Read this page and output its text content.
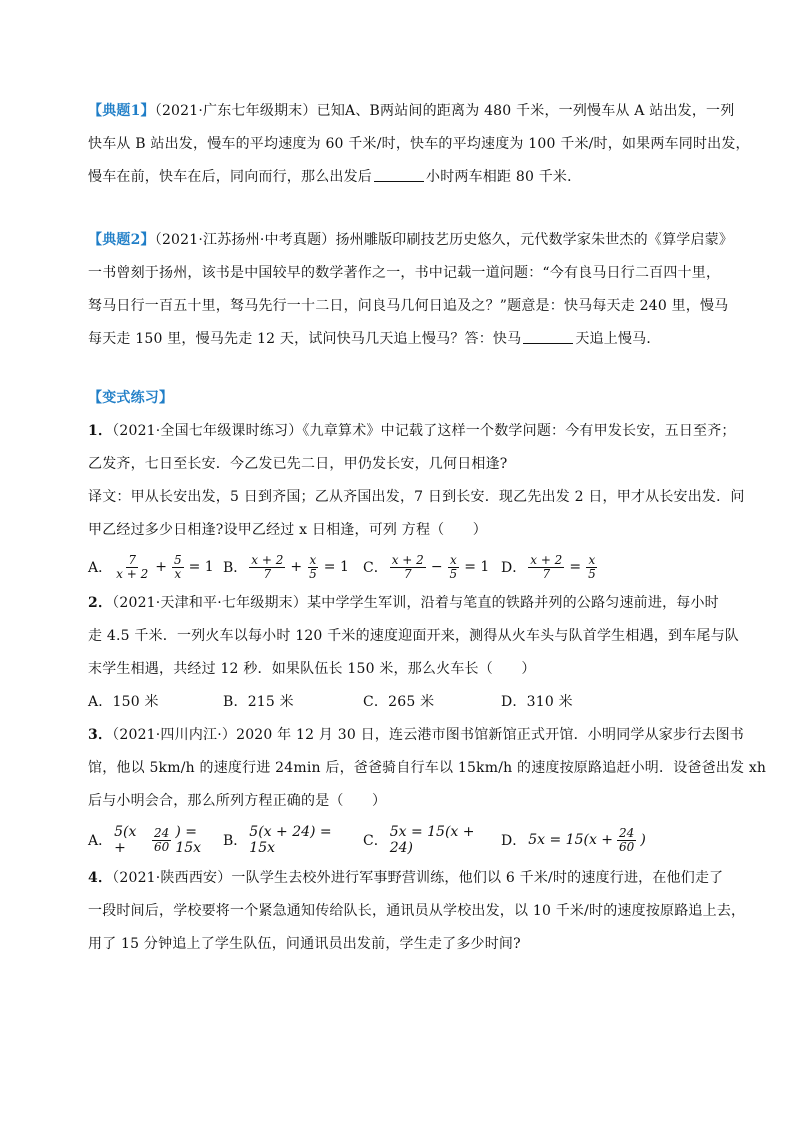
【典题1】（2021·广东七年级期末）已知A、B两站间的距离为 480 千米，一列慢车从 A 站出发，一列
快车从 B 站出发，慢车的平均速度为 60 千米/时，快车的平均速度为 100 千米/时，如果两车同时出发，
慢车在前，快车在后，同向而行，那么出发后	小时两车相距 80 千米．
【典题2】（2021·江苏扬州·中考真题）扬州雕版印刷技艺历史悠久，元代数学家朱世杰的《算学启蒙》
一书曾刻于扬州，该书是中国较早的数学著作之一，书中记载一道问题：“今有良马日行二百四十里，
驽马日行一百五十里，驽马先行一十二日，问良马几何日追及之？”题意是：快马每天走 240 里，慢马
每天走 150 里，慢马先走 12 天，试问快马几天追上慢马？答：快马	天追上慢马．
【变式练习】
1．（2021·全国七年级课时练习）《九章算术》中记载了这样一个数学问题：今有甲发长安，五日至齐；
乙发齐，七日至长安．今乙发已先二日，甲仍发长安，几何日相逢?
译文：甲从长安出发，5 日到齐国；乙从齐国出发，7 日到长安．现乙先出发 2 日，甲才从长安出发．问
甲乙经过多少日相逢?设甲乙经过 x 日相逢，可列 方程（　　）
A． $\frac{7}{x + 2} + \frac{5}{x} = 1$ B． $\frac{x + 2}{7} + \frac{x}{5} = 1$ C． $\frac{x + 2}{7} - \frac{x}{5} = 1$ D． $\frac{x + 2}{7} = \frac{x}{5}$
2．（2021·天津和平·七年级期末）某中学学生军训，沿着与笔直的铁路并列的公路匀速前进，每小时
走 4.5 千米．一列火车以每小时 120 千米的速度迎面开来，测得从火车头与队首学生相遇，到车尾与队
末学生相遇，共经过 12 秒．如果队伍长 150 米，那么火车长（　　）
A．150 米	B．215 米	C．265 米	D．310 米
3．（2021·四川内江·）2020 年 12 月 30 日，连云港市图书馆新馆正式开馆．小明同学从家步行去图书
馆，他以 5km/h 的速度行进 24min 后，爸爸骑自行车以 15km/h 的速度按原路追赶小明．设爸爸出发 xh
后与小明会合，那么所列方程正确的是（　　）
A．
5(x +	$\frac{24}{60}$ ) = 15x	B．
5(x + 24) = 15x	C．
5x = 15(x + 24)	D． $5x = 15(x + \frac{24}{60}$ )
4．（2021·陕西西安）一队学生去校外进行军事野营训练，他们以 6 千米/时的速度行进，在他们走了
一段时间后，学校要将一个紧急通知传给队长，通讯员从学校出发，以 10 千米/时的速度按原路追上去，
用了 15 分钟追上了学生队伍，问通讯员出发前，学生走了多少时间?
